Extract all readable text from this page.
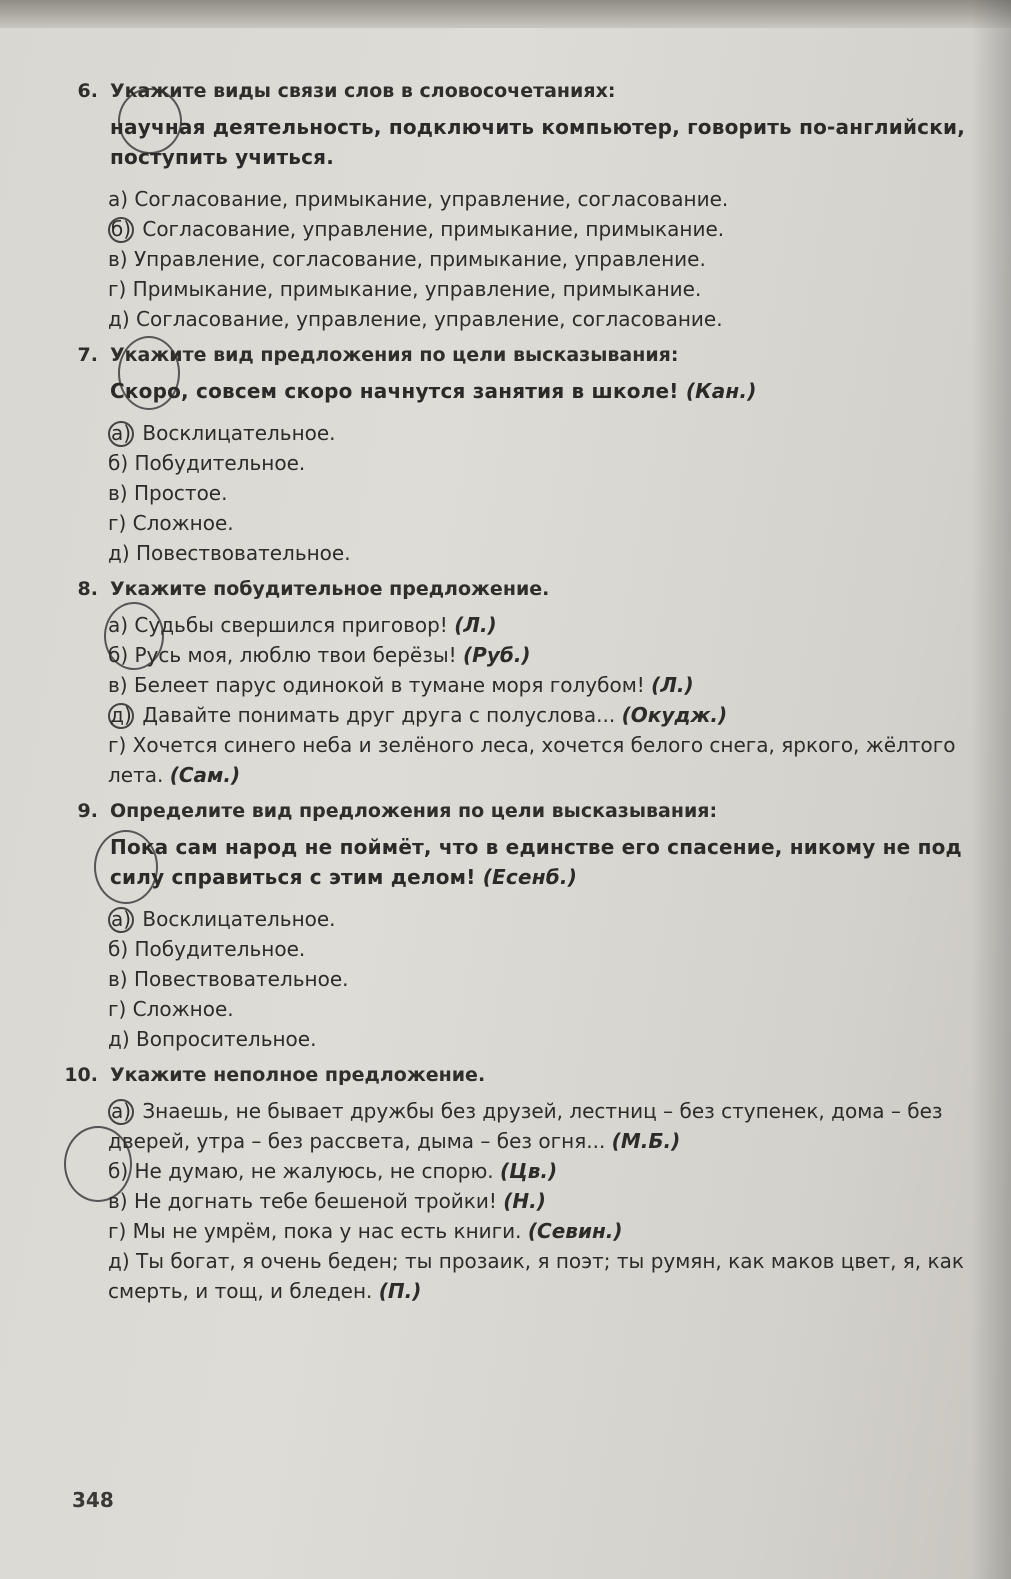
6. Укажите виды связи слов в словосочетаниях:
научная деятельность, подключить компьютер, говорить по-английски, поступить учиться.
а) Согласование, примыкание, управление, согласование.
б) Согласование, управление, примыкание, примыкание.
в) Управление, согласование, примыкание, управление.
г) Примыкание, примыкание, управление, примыкание.
д) Согласование, управление, управление, согласование.
7. Укажите вид предложения по цели высказывания:
Скоро, совсем скоро начнутся занятия в школе! (Кан.)
а) Восклицательное.
б) Побудительное.
в) Простое.
г) Сложное.
д) Повествовательное.
8. Укажите побудительное предложение.
а) Судьбы свершился приговор! (Л.)
б) Русь моя, люблю твои берёзы! (Руб.)
в) Белеет парус одинокой в тумане моря голубом! (Л.)
д) Давайте понимать друг друга с полуслова... (Окудж.)
г) Хочется синего неба и зелёного леса, хочется белого снега, яркого, жёлтого лета. (Сам.)
9. Определите вид предложения по цели высказывания:
Пока сам народ не поймёт, что в единстве его спасение, никому не под силу справиться с этим делом! (Есенб.)
а) Восклицательное.
б) Побудительное.
в) Повествовательное.
г) Сложное.
д) Вопросительное.
10. Укажите неполное предложение.
а) Знаешь, не бывает дружбы без друзей, лестниц – без ступенек, дома – без дверей, утра – без рассвета, дыма – без огня... (М.Б.)
б) Не думаю, не жалуюсь, не спорю. (Цв.)
в) Не догнать тебе бешеной тройки! (Н.)
г) Мы не умрём, пока у нас есть книги. (Севин.)
д) Ты богат, я очень беден; ты прозаик, я поэт; ты румян, как маков цвет, я, как смерть, и тощ, и бледен. (П.)
348
